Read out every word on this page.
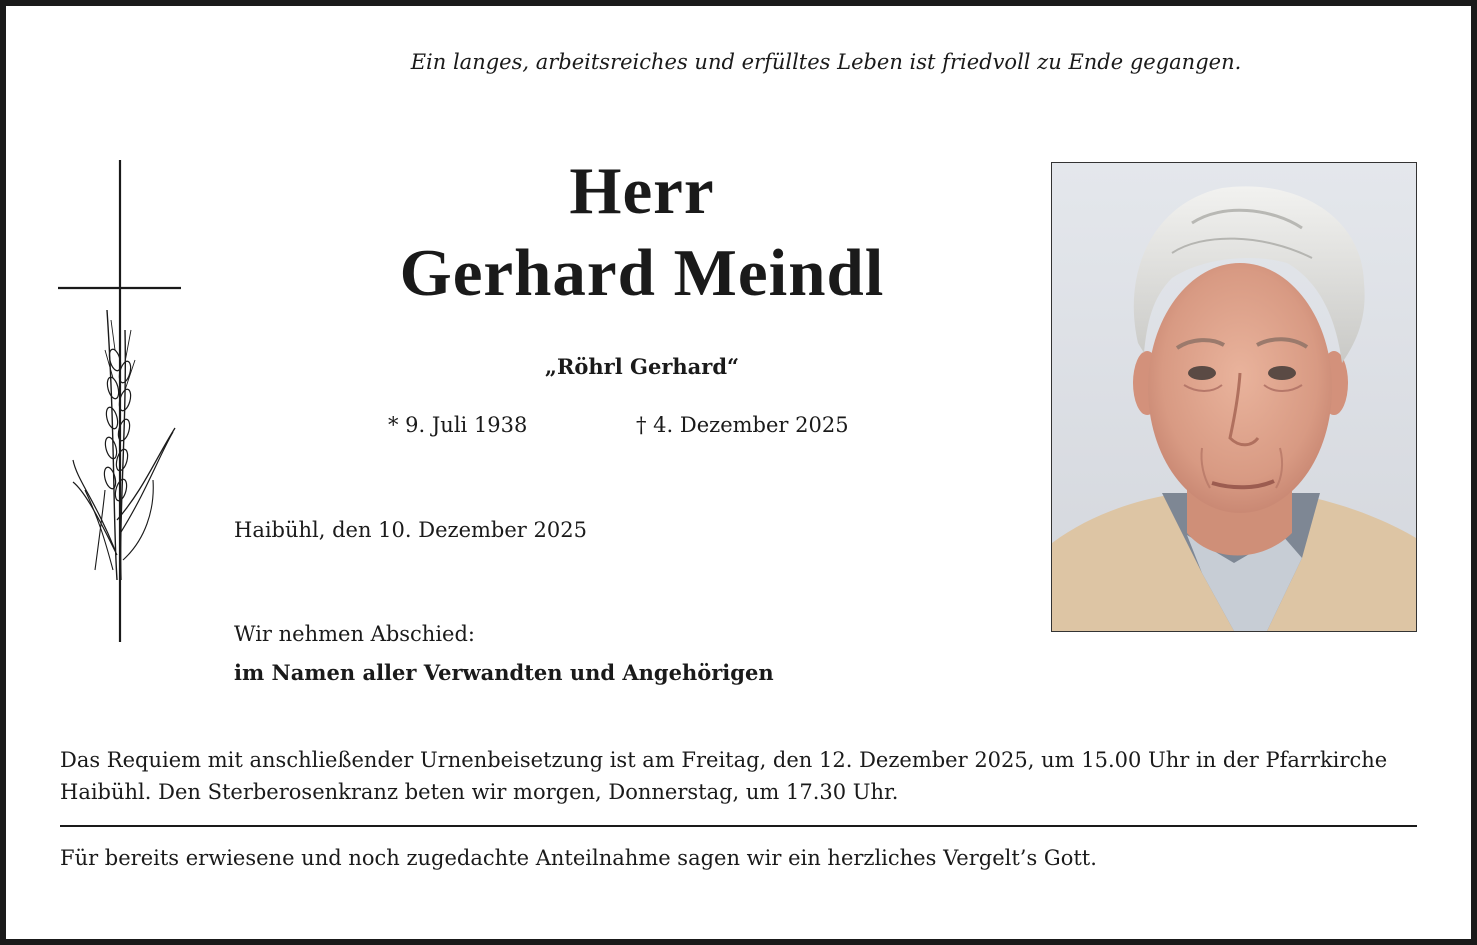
Ein langes, arbeitsreiches und erfülltes Leben ist friedvoll zu Ende gegangen.

Herr
Gerhard Meindl

„Röhrl Gerhard“

* 9. Juli 1938	† 4. Dezember 2025

Haibühl, den 10. Dezember 2025

Wir nehmen Abschied:

im Namen aller Verwandten und Angehörigen

Das Requiem mit anschließender Urnenbeisetzung ist am Freitag, den 12. Dezember 2025, um 15.00 Uhr in der Pfarrkirche Haibühl. Den Sterberosenkranz beten wir morgen, Donnerstag, um 17.30 Uhr.

Für bereits erwiesene und noch zugedachte Anteilnahme sagen wir ein herzliches Vergelt’s Gott.
